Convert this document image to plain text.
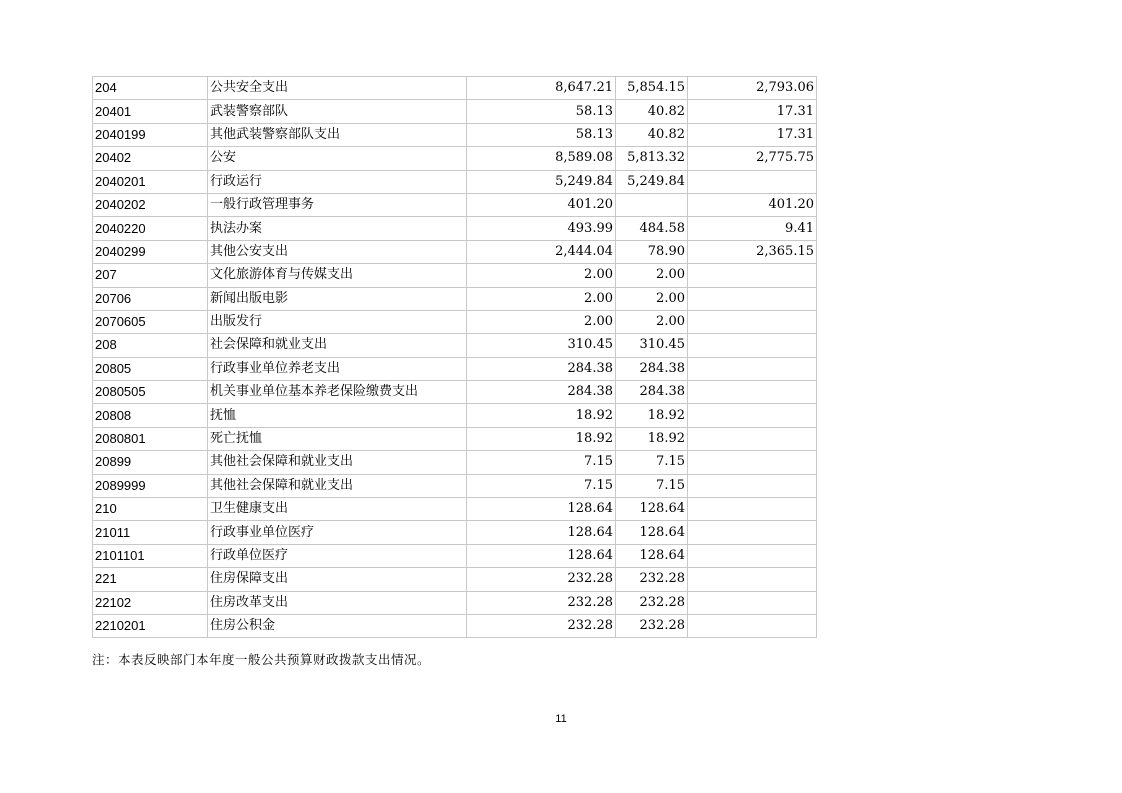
204	公共安全支出	8,647.21	5,854.15	2,793.06
20401	武装警察部队	58.13	40.82	17.31
2040199	其他武装警察部队支出	58.13	40.82	17.31
20402	公安	8,589.08	5,813.32	2,775.75
2040201	行政运行	5,249.84	5,249.84	
2040202	一般行政管理事务	401.20		401.20
2040220	执法办案	493.99	484.58	9.41
2040299	其他公安支出	2,444.04	78.90	2,365.15
207	文化旅游体育与传媒支出	2.00	2.00	
20706	新闻出版电影	2.00	2.00	
2070605	出版发行	2.00	2.00	
208	社会保障和就业支出	310.45	310.45	
20805	行政事业单位养老支出	284.38	284.38	
2080505	机关事业单位基本养老保险缴费支出	284.38	284.38	
20808	抚恤	18.92	18.92	
2080801	死亡抚恤	18.92	18.92	
20899	其他社会保障和就业支出	7.15	7.15	
2089999	其他社会保障和就业支出	7.15	7.15	
210	卫生健康支出	128.64	128.64	
21011	行政事业单位医疗	128.64	128.64	
2101101	行政单位医疗	128.64	128.64	
221	住房保障支出	232.28	232.28	
22102	住房改革支出	232.28	232.28	
2210201	住房公积金	232.28	232.28	
注：本表反映部门本年度一般公共预算财政拨款支出情况。
11
